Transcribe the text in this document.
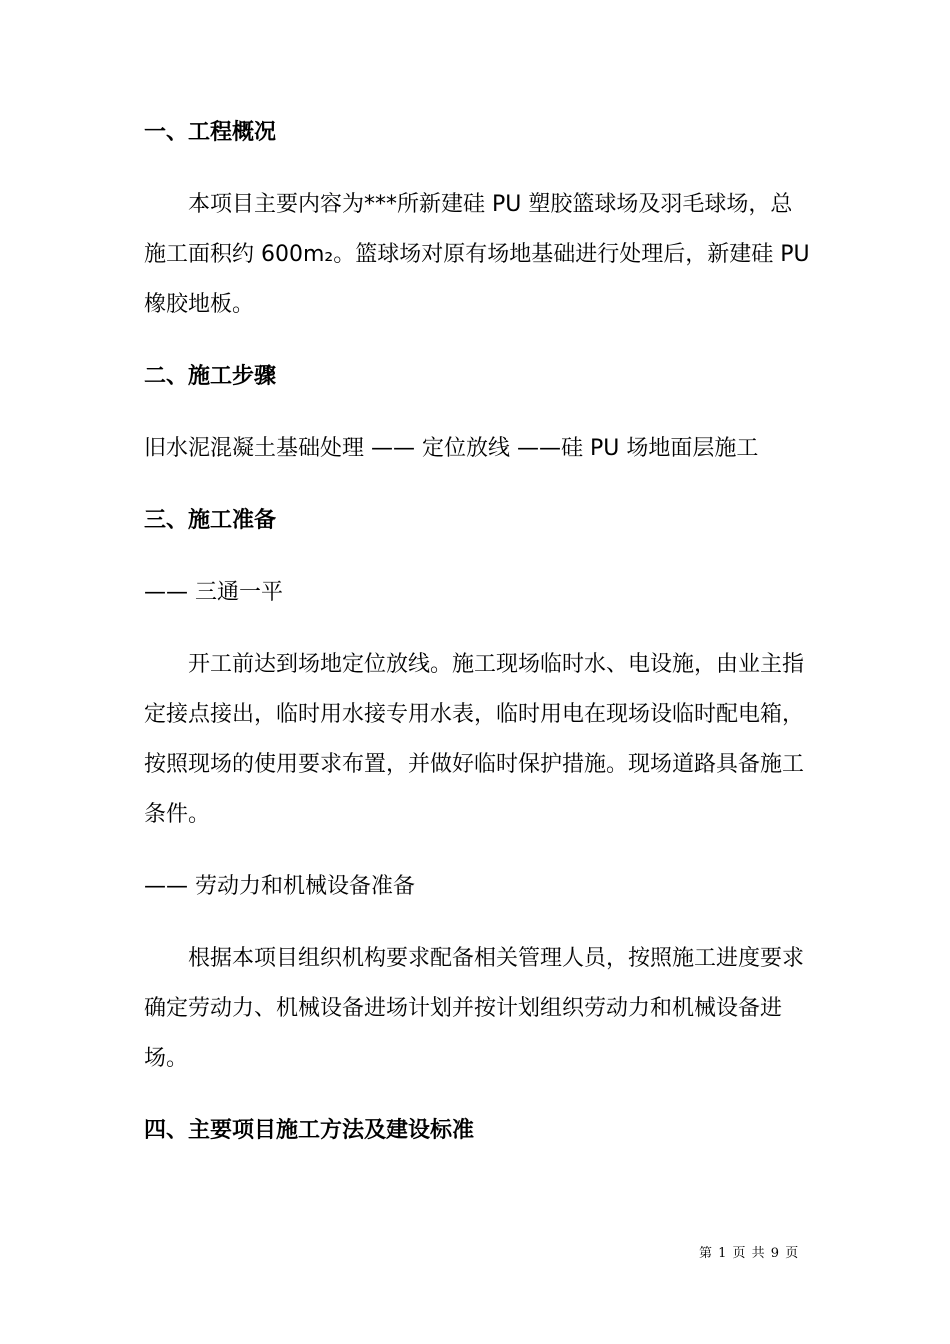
一、工程概况
本项目主要内容为***所新建硅 PU 塑胶篮球场及羽毛球场，总
施工面积约 600m₂。篮球场对原有场地基础进行处理后，新建硅 PU
橡胶地板。
二、施工步骤
旧水泥混凝土基础处理 —— 定位放线 ——硅 PU 场地面层施工
三、施工准备
—— 三通一平
开工前达到场地定位放线。施工现场临时水、电设施，由业主指
定接点接出，临时用水接专用水表，临时用电在现场设临时配电箱，
按照现场的使用要求布置，并做好临时保护措施。现场道路具备施工
条件。
—— 劳动力和机械设备准备
根据本项目组织机构要求配备相关管理人员，按照施工进度要求
确定劳动力、机械设备进场计划并按计划组织劳动力和机械设备进
场。
四、主要项目施工方法及建设标准
第 1 页 共 9 页
